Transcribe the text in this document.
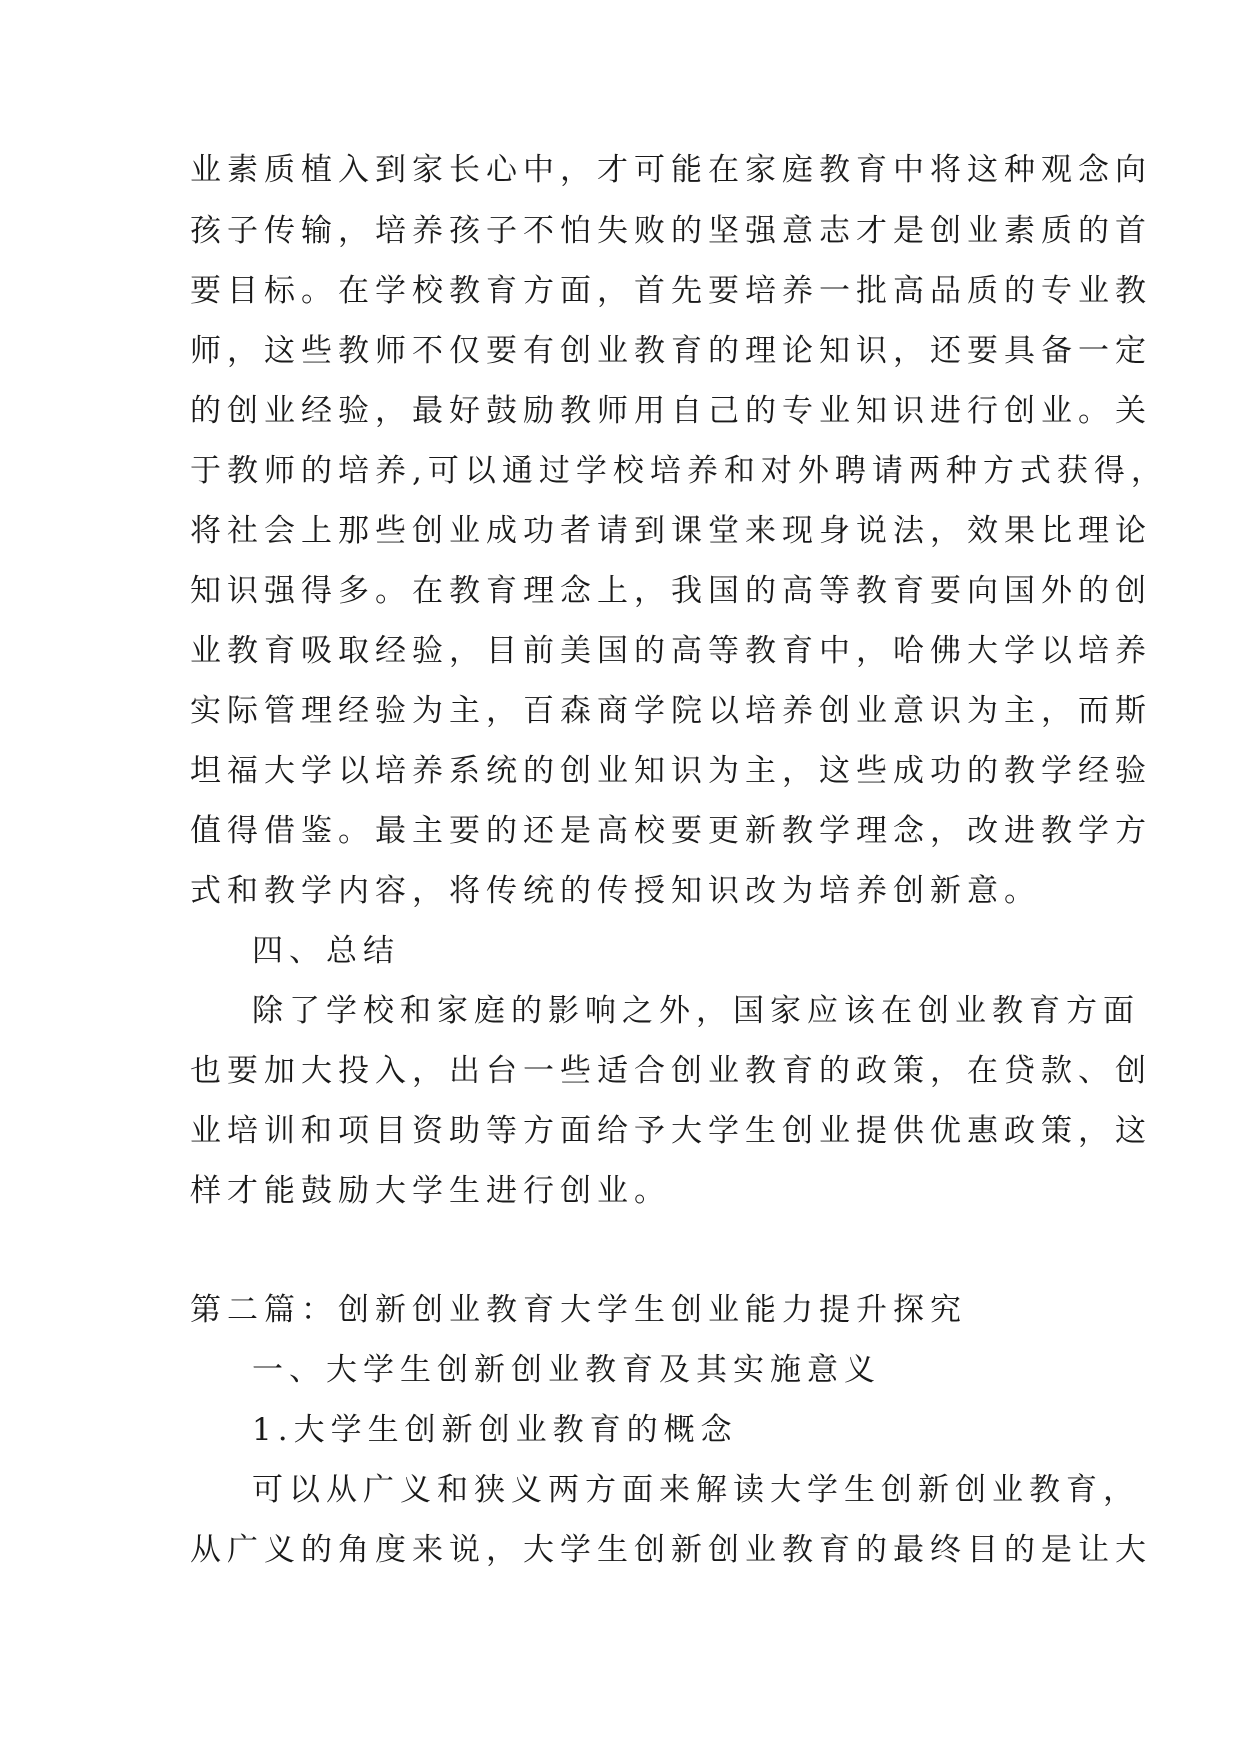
业素质植入到家长心中，才可能在家庭教育中将这种观念向
孩子传输，培养孩子不怕失败的坚强意志才是创业素质的首
要目标。在学校教育方面，首先要培养一批高品质的专业教
师，这些教师不仅要有创业教育的理论知识，还要具备一定
的创业经验，最好鼓励教师用自己的专业知识进行创业。关
于教师的培养,可以通过学校培养和对外聘请两种方式获得，
将社会上那些创业成功者请到课堂来现身说法，效果比理论
知识强得多。在教育理念上，我国的高等教育要向国外的创
业教育吸取经验，目前美国的高等教育中，哈佛大学以培养
实际管理经验为主，百森商学院以培养创业意识为主，而斯
坦福大学以培养系统的创业知识为主，这些成功的教学经验
值得借鉴。最主要的还是高校要更新教学理念，改进教学方
式和教学内容，将传统的传授知识改为培养创新意。
四、总结
除了学校和家庭的影响之外，国家应该在创业教育方面
也要加大投入，出台一些适合创业教育的政策，在贷款、创
业培训和项目资助等方面给予大学生创业提供优惠政策，这
样才能鼓励大学生进行创业。
第二篇：创新创业教育大学生创业能力提升探究
一、大学生创新创业教育及其实施意义
1.大学生创新创业教育的概念
可以从广义和狭义两方面来解读大学生创新创业教育，
从广义的角度来说，大学生创新创业教育的最终目的是让大
